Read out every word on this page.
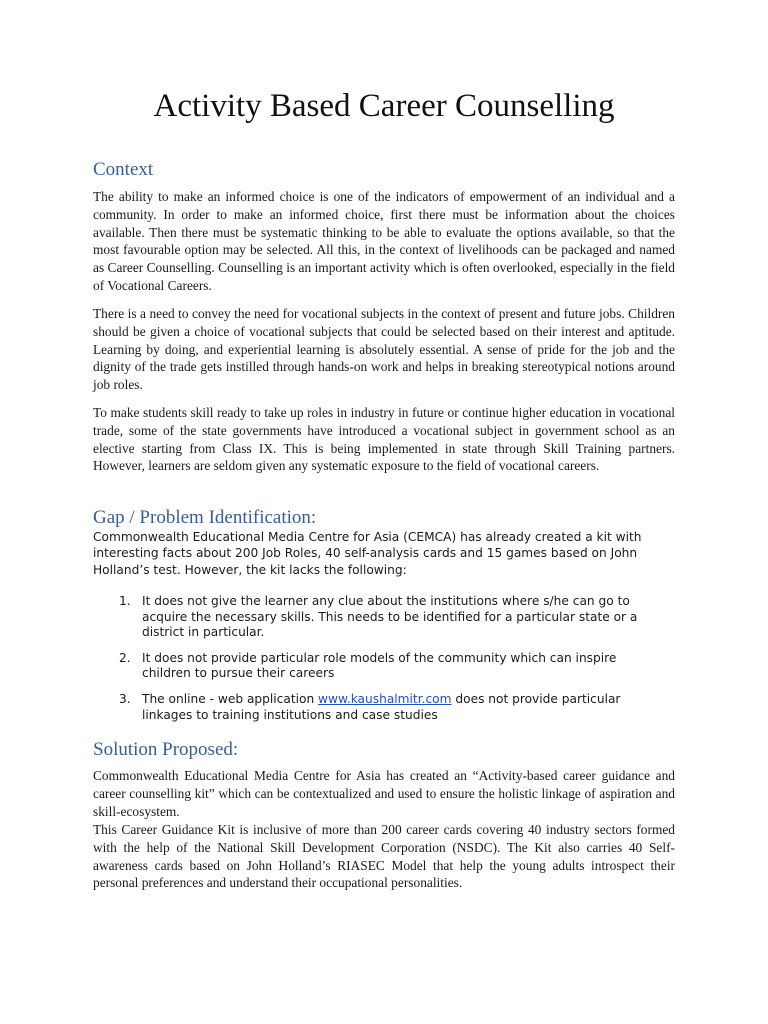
Activity Based Career Counselling
Context

The ability to make an informed choice is one of the indicators of empowerment of an individual and a community. In order to make an informed choice, first there must be information about the choices available. Then there must be systematic thinking to be able to evaluate the options available, so that the most favourable option may be selected. All this, in the context of livelihoods can be packaged and named as Career Counselling. Counselling is an important activity which is often overlooked, especially in the field of Vocational Careers.

There is a need to convey the need for vocational subjects in the context of present and future jobs. Children should be given a choice of vocational subjects that could be selected based on their interest and aptitude. Learning by doing, and experiential learning is absolutely essential. A sense of pride for the job and the dignity of the trade gets instilled through hands-on work and helps in breaking stereotypical notions around job roles.

To make students skill ready to take up roles in industry in future or continue higher education in vocational trade, some of the state governments have introduced a vocational subject in government school as an elective starting from Class IX. This is being implemented in state through Skill Training partners. However, learners are seldom given any systematic exposure to the field of vocational careers.

Gap / Problem Identification:

Commonwealth Educational Media Centre for Asia (CEMCA) has already created a kit with interesting facts about 200 Job Roles, 40 self-analysis cards and 15 games based on John Holland’s test. However, the kit lacks the following:

1. It does not give the learner any clue about the institutions where s/he can go to acquire the necessary skills. This needs to be identified for a particular state or a district in particular.
2. It does not provide particular role models of the community which can inspire children to pursue their careers
3. The online - web application www.kaushalmitr.com does not provide particular linkages to training institutions and case studies
Solution Proposed:

Commonwealth Educational Media Centre for Asia has created an “Activity-based career guidance and career counselling kit” which can be contextualized and used to ensure the holistic linkage of aspiration and skill-ecosystem.

This Career Guidance Kit is inclusive of more than 200 career cards covering 40 industry sectors formed with the help of the National Skill Development Corporation (NSDC). The Kit also carries 40 Self-awareness cards based on John Holland’s RIASEC Model that help the young adults introspect their personal preferences and understand their occupational personalities.
